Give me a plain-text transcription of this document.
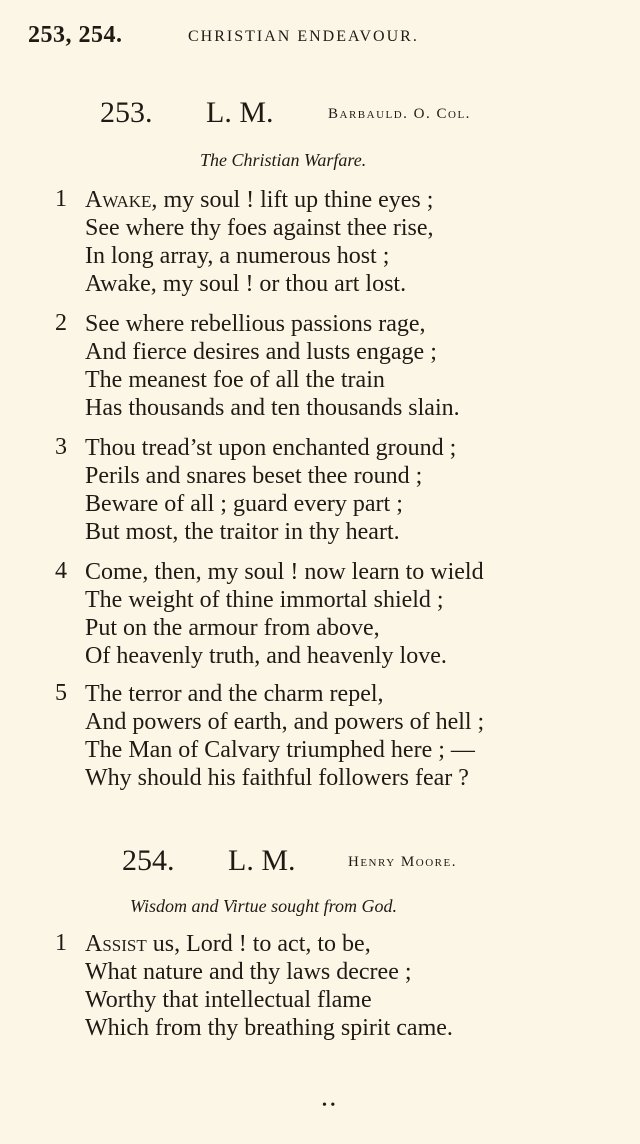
253, 254.	CHRISTIAN ENDEAVOUR.
253. L. M.	Barbauld. O. Col.
The Christian Warfare.
1 Awake, my soul ! lift up thine eyes ;
See where thy foes against thee rise,
In long array, a numerous host ;
Awake, my soul ! or thou art lost.
2 See where rebellious passions rage,
And fierce desires and lusts engage ;
The meanest foe of all the train
Has thousands and ten thousands slain.
3 Thou tread’st upon enchanted ground ;
Perils and snares beset thee round ;
Beware of all ; guard every part ;
But most, the traitor in thy heart.
4 Come, then, my soul ! now learn to wield
The weight of thine immortal shield ;
Put on the armour from above,
Of heavenly truth, and heavenly love.
5 The terror and the charm repel,
And powers of earth, and powers of hell ;
The Man of Calvary triumphed here ; —
Why should his faithful followers fear ?
254. L. M.	Henry Moore.
Wisdom and Virtue sought from God.
1 Assist us, Lord ! to act, to be,
What nature and thy laws decree ;
Worthy that intellectual flame
Which from thy breathing spirit came.
• •
